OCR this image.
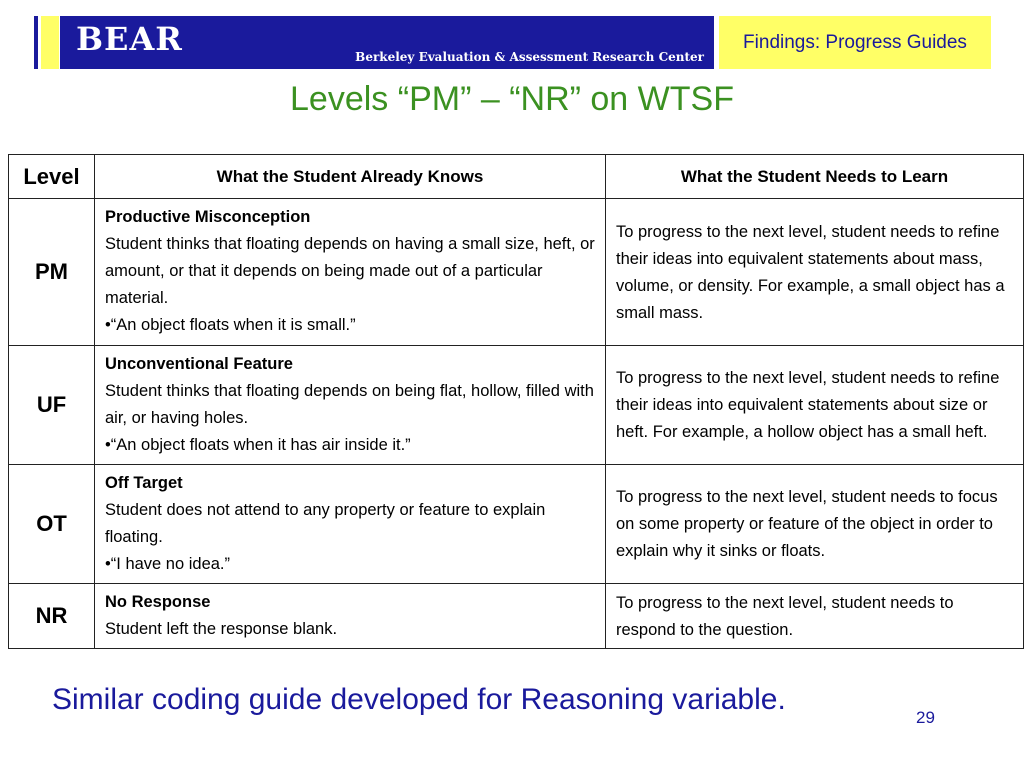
BEAR	Berkeley Evaluation & Assessment Research Center
Findings: Progress Guides
Levels “PM” – “NR” on WTSF
Level	What the Student Already Knows	What the Student Needs to Learn
PM	Productive Misconception
Student thinks that floating depends on having a small size, heft, or amount, or that it depends on being made out of a particular material.
•“An object floats when it is small.”	To progress to the next level, student needs to refine their ideas into equivalent statements about mass, volume, or density. For example, a small object has a small mass.
UF	Unconventional Feature
Student thinks that floating depends on being flat, hollow, filled with air, or having holes.
•“An object floats when it has air inside it.”	To progress to the next level, student needs to refine their ideas into equivalent statements about size or heft. For example, a hollow object has a small heft.
OT	Off Target
Student does not attend to any property or feature to explain floating.
•“I have no idea.”	To progress to the next level, student needs to focus on some property or feature of the object in order to explain why it sinks or floats.
NR	No Response
Student left the response blank.	To progress to the next level, student needs to respond to the question.
Similar coding guide developed for Reasoning variable.
29
